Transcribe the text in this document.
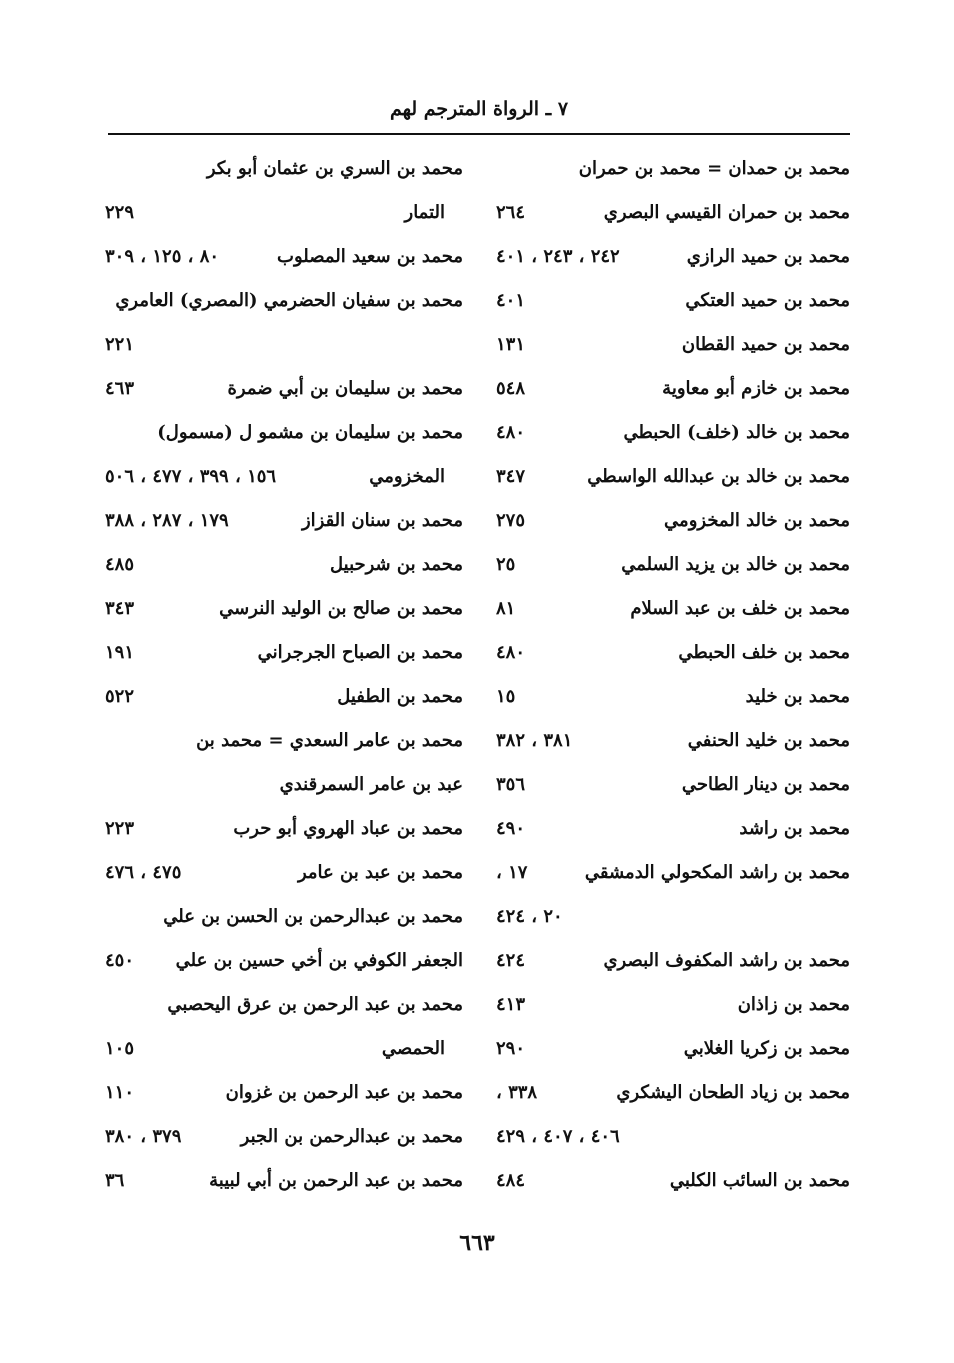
٧ ـ الرواة المترجم لهم
محمد بن حمدان = محمد بن حمران
محمد بن حمران القيسي البصري
٢٦٤
محمد بن حميد الرازي
٢٤٢ ، ٢٤٣ ، ٤٠١
محمد بن حميد العتكي
٤٠١
محمد بن حميد القطان
١٣١
محمد بن خازم أبو معاوية
٥٤٨
محمد بن خالد (خلف) الحبطي
٤٨٠
محمد بن خالد بن عبدالله الواسطي
٣٤٧
محمد بن خالد المخزومي
٢٧٥
محمد بن خالد بن يزيد السلمي
٢٥
محمد بن خلف بن عبد السلام
٨١
محمد بن خلف الحبطي
٤٨٠
محمد بن خليد
١٥
محمد بن خليد الحنفي
٣٨١ ، ٣٨٢
محمد بن دينار الطاحي
٣٥٦
محمد بن راشد
٤٩٠
محمد بن راشد المكحولي الدمشقي
١٧ ،
٢٠ ، ٤٢٤
محمد بن راشد المكفوف البصري
٤٢٤
محمد بن زاذان
٤١٣
محمد بن زكريا الغلابي
٢٩٠
محمد بن زياد الطحان اليشكري
٣٣٨ ،
٤٠٦ ، ٤٠٧ ، ٤٢٩
محمد بن السائب الكلبي
٤٨٤
محمد بن السري بن عثمان أبو بكر
التمار
٢٢٩
محمد بن سعيد المصلوب
٨٠ ، ١٢٥ ، ٣٠٩
محمد بن سفيان الحضرمي (المصري) العامري
٢٢١
محمد بن سليمان بن أبي ضمرة
٤٦٣
محمد بن سليمان بن مشمو ل (مسمول)
المخزومي
١٥٦ ، ٣٩٩ ، ٤٧٧ ، ٥٠٦
محمد بن سنان القزاز
١٧٩ ، ٢٨٧ ، ٣٨٨
محمد بن شرحبيل
٤٨٥
محمد بن صالح بن الوليد النرسي
٣٤٣
محمد بن الصباح الجرجراني
١٩١
محمد بن الطفيل
٥٢٢
محمد بن عامر السعدي = محمد بن
عبد بن عامر السمرقندي
محمد بن عباد الهروي أبو حرب
٢٢٣
محمد بن عبد بن عامر
٤٧٥ ، ٤٧٦
محمد بن عبدالرحمن بن الحسن بن علي
الجعفر الكوفي بن أخي حسين بن علي
٤٥٠
محمد بن عبد الرحمن بن عرق اليحصبي
الحمصي
١٠٥
محمد بن عبد الرحمن بن غزوان
١١٠
محمد بن عبدالرحمن بن الجبر
٣٧٩ ، ٣٨٠
محمد بن عبد الرحمن بن أبي لبيبة
٣٦
٦٦٣
